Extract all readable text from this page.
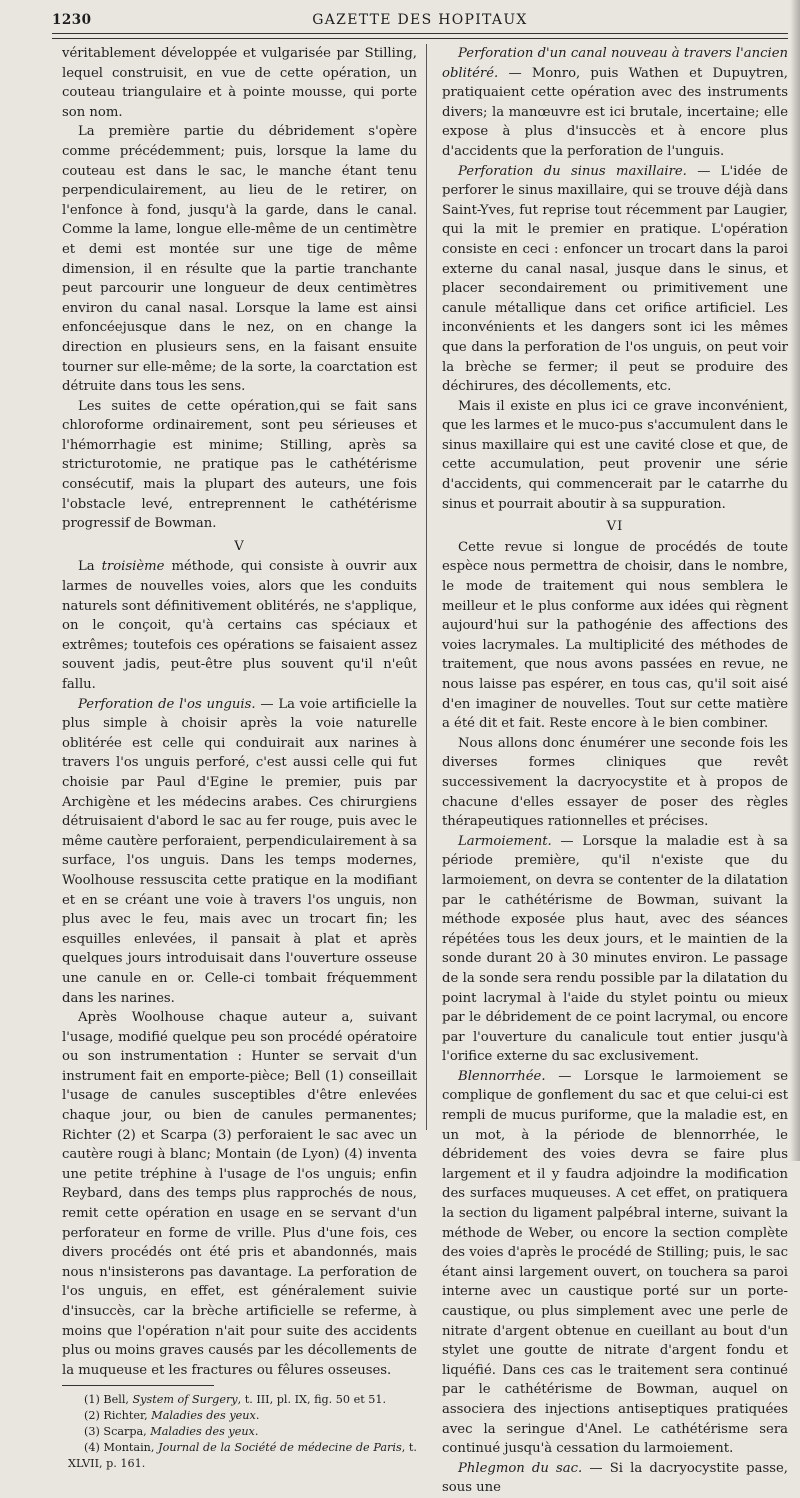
1230	GAZETTE DES HOPITAUX

véritablement développée et vulgarisée par Stilling, lequel construisit, en vue de cette opération, un couteau triangulaire et à pointe mousse, qui porte son nom.

La première partie du débridement s'opère comme précédemment; puis, lorsque la lame du couteau est dans le sac, le manche étant tenu perpendiculairement, au lieu de le retirer, on l'enfonce à fond, jusqu'à la garde, dans le canal. Comme la lame, longue elle-même de un centimètre et demi est montée sur une tige de même dimension, il en résulte que la partie tranchante peut parcourir une longueur de deux centimètres environ du canal nasal. Lorsque la lame est ainsi enfoncéejusque dans le nez, on en change la direction en plusieurs sens, en la faisant ensuite tourner sur elle-même; de la sorte, la coarctation est détruite dans tous les sens.

Les suites de cette opération,qui se fait sans chloroforme ordinairement, sont peu sérieuses et l'hémorrhagie est minime; Stilling, après sa stricturotomie, ne pratique pas le cathétérisme consécutif, mais la plupart des auteurs, une fois l'obstacle levé, entreprennent le cathétérisme progressif de Bowman.

V

La troisième méthode, qui consiste à ouvrir aux larmes de nouvelles voies, alors que les conduits naturels sont définitivement oblitérés, ne s'applique, on le conçoit, qu'à certains cas spéciaux et extrêmes; toutefois ces opérations se faisaient assez souvent jadis, peut-être plus souvent qu'il n'eût fallu.

Perforation de l'os unguis. — La voie artificielle la plus simple à choisir après la voie naturelle oblitérée est celle qui conduirait aux narines à travers l'os unguis perforé, c'est aussi celle qui fut choisie par Paul d'Egine le premier, puis par Archigène et les médecins arabes. Ces chirurgiens détruisaient d'abord le sac au fer rouge, puis avec le même cautère perforaient, perpendiculairement à sa surface, l'os unguis. Dans les temps modernes, Woolhouse ressuscita cette pratique en la modifiant et en se créant une voie à travers l'os unguis, non plus avec le feu, mais avec un trocart fin; les esquilles enlevées, il pansait à plat et après quelques jours introduisait dans l'ouverture osseuse une canule en or. Celle-ci tombait fréquemment dans les narines.

Après Woolhouse chaque auteur a, suivant l'usage, modifié quelque peu son procédé opératoire ou son instrumentation : Hunter se servait d'un instrument fait en emporte-pièce; Bell (1) conseillait l'usage de canules susceptibles d'être enlevées chaque jour, ou bien de canules permanentes; Richter (2) et Scarpa (3) perforaient le sac avec un cautère rougi à blanc; Montain (de Lyon) (4) inventa une petite tréphine à l'usage de l'os unguis; enfin Reybard, dans des temps plus rapprochés de nous, remit cette opération en usage en se servant d'un perforateur en forme de vrille. Plus d'une fois, ces divers procédés ont été pris et abandonnés, mais nous n'insisterons pas davantage. La perforation de l'os unguis, en effet, est généralement suivie d'insuccès, car la brèche artificielle se referme, à moins que l'opération n'ait pour suite des accidents plus ou moins graves causés par les décollements de la muqueuse et les fractures ou fêlures osseuses.

(1) Bell, System of Surgery, t. III, pl. IX, fig. 50 et 51.

(2) Richter, Maladies des yeux.

(3) Scarpa, Maladies des yeux.

(4) Montain, Journal de la Société de médecine de Paris, t. XLVII, p. 161.

Perforation d'un canal nouveau à travers l'ancien oblitéré. — Monro, puis Wathen et Dupuytren, pratiquaient cette opération avec des instruments divers; la manœuvre est ici brutale, incertaine; elle expose à plus d'insuccès et à encore plus d'accidents que la perforation de l'unguis.

Perforation du sinus maxillaire. — L'idée de perforer le sinus maxillaire, qui se trouve déjà dans Saint-Yves, fut reprise tout récemment par Laugier, qui la mit le premier en pratique. L'opération consiste en ceci : enfoncer un trocart dans la paroi externe du canal nasal, jusque dans le sinus, et placer secondairement ou primitivement une canule métallique dans cet orifice artificiel. Les inconvénients et les dangers sont ici les mêmes que dans la perforation de l'os unguis, on peut voir la brèche se fermer; il peut se produire des déchirures, des décollements, etc.

Mais il existe en plus ici ce grave inconvénient, que les larmes et le muco-pus s'accumulent dans le sinus maxillaire qui est une cavité close et que, de cette accumulation, peut provenir une série d'accidents, qui commencerait par le catarrhe du sinus et pourrait aboutir à sa suppuration.

VI

Cette revue si longue de procédés de toute espèce nous permettra de choisir, dans le nombre, le mode de traitement qui nous semblera le meilleur et le plus conforme aux idées qui règnent aujourd'hui sur la pathogénie des affections des voies lacrymales. La multiplicité des méthodes de traitement, que nous avons passées en revue, ne nous laisse pas espérer, en tous cas, qu'il soit aisé d'en imaginer de nouvelles. Tout sur cette matière a été dit et fait. Reste encore à le bien combiner.

Nous allons donc énumérer une seconde fois les diverses formes cliniques que revêt successivement la dacryocystite et à propos de chacune d'elles essayer de poser des règles thérapeutiques rationnelles et précises.

Larmoiement. — Lorsque la maladie est à sa période première, qu'il n'existe que du larmoiement, on devra se contenter de la dilatation par le cathétérisme de Bowman, suivant la méthode exposée plus haut, avec des séances répétées tous les deux jours, et le maintien de la sonde durant 20 à 30 minutes environ. Le passage de la sonde sera rendu possible par la dilatation du point lacrymal à l'aide du stylet pointu ou mieux par le débridement de ce point lacrymal, ou encore par l'ouverture du canalicule tout entier jusqu'à l'orifice externe du sac exclusivement.

Blennorrhée. — Lorsque le larmoiement se complique de gonflement du sac et que celui-ci est rempli de mucus puriforme, que la maladie est, en un mot, à la période de blennorrhée, le débridement des voies devra se faire plus largement et il y faudra adjoindre la modification des surfaces muqueuses. A cet effet, on pratiquera la section du ligament palpébral interne, suivant la méthode de Weber, ou encore la section complète des voies d'après le procédé de Stilling; puis, le sac étant ainsi largement ouvert, on touchera sa paroi interne avec un caustique porté sur un porte-caustique, ou plus simplement avec une perle de nitrate d'argent obtenue en cueillant au bout d'un stylet une goutte de nitrate d'argent fondu et liquéfié. Dans ces cas le traitement sera continué par le cathétérisme de Bowman, auquel on associera des injections antiseptiques pratiquées avec la seringue d'Anel. Le cathétérisme sera continué jusqu'à cessation du larmoiement.

Phlegmon du sac. — Si la dacryocystite passe, sous une
